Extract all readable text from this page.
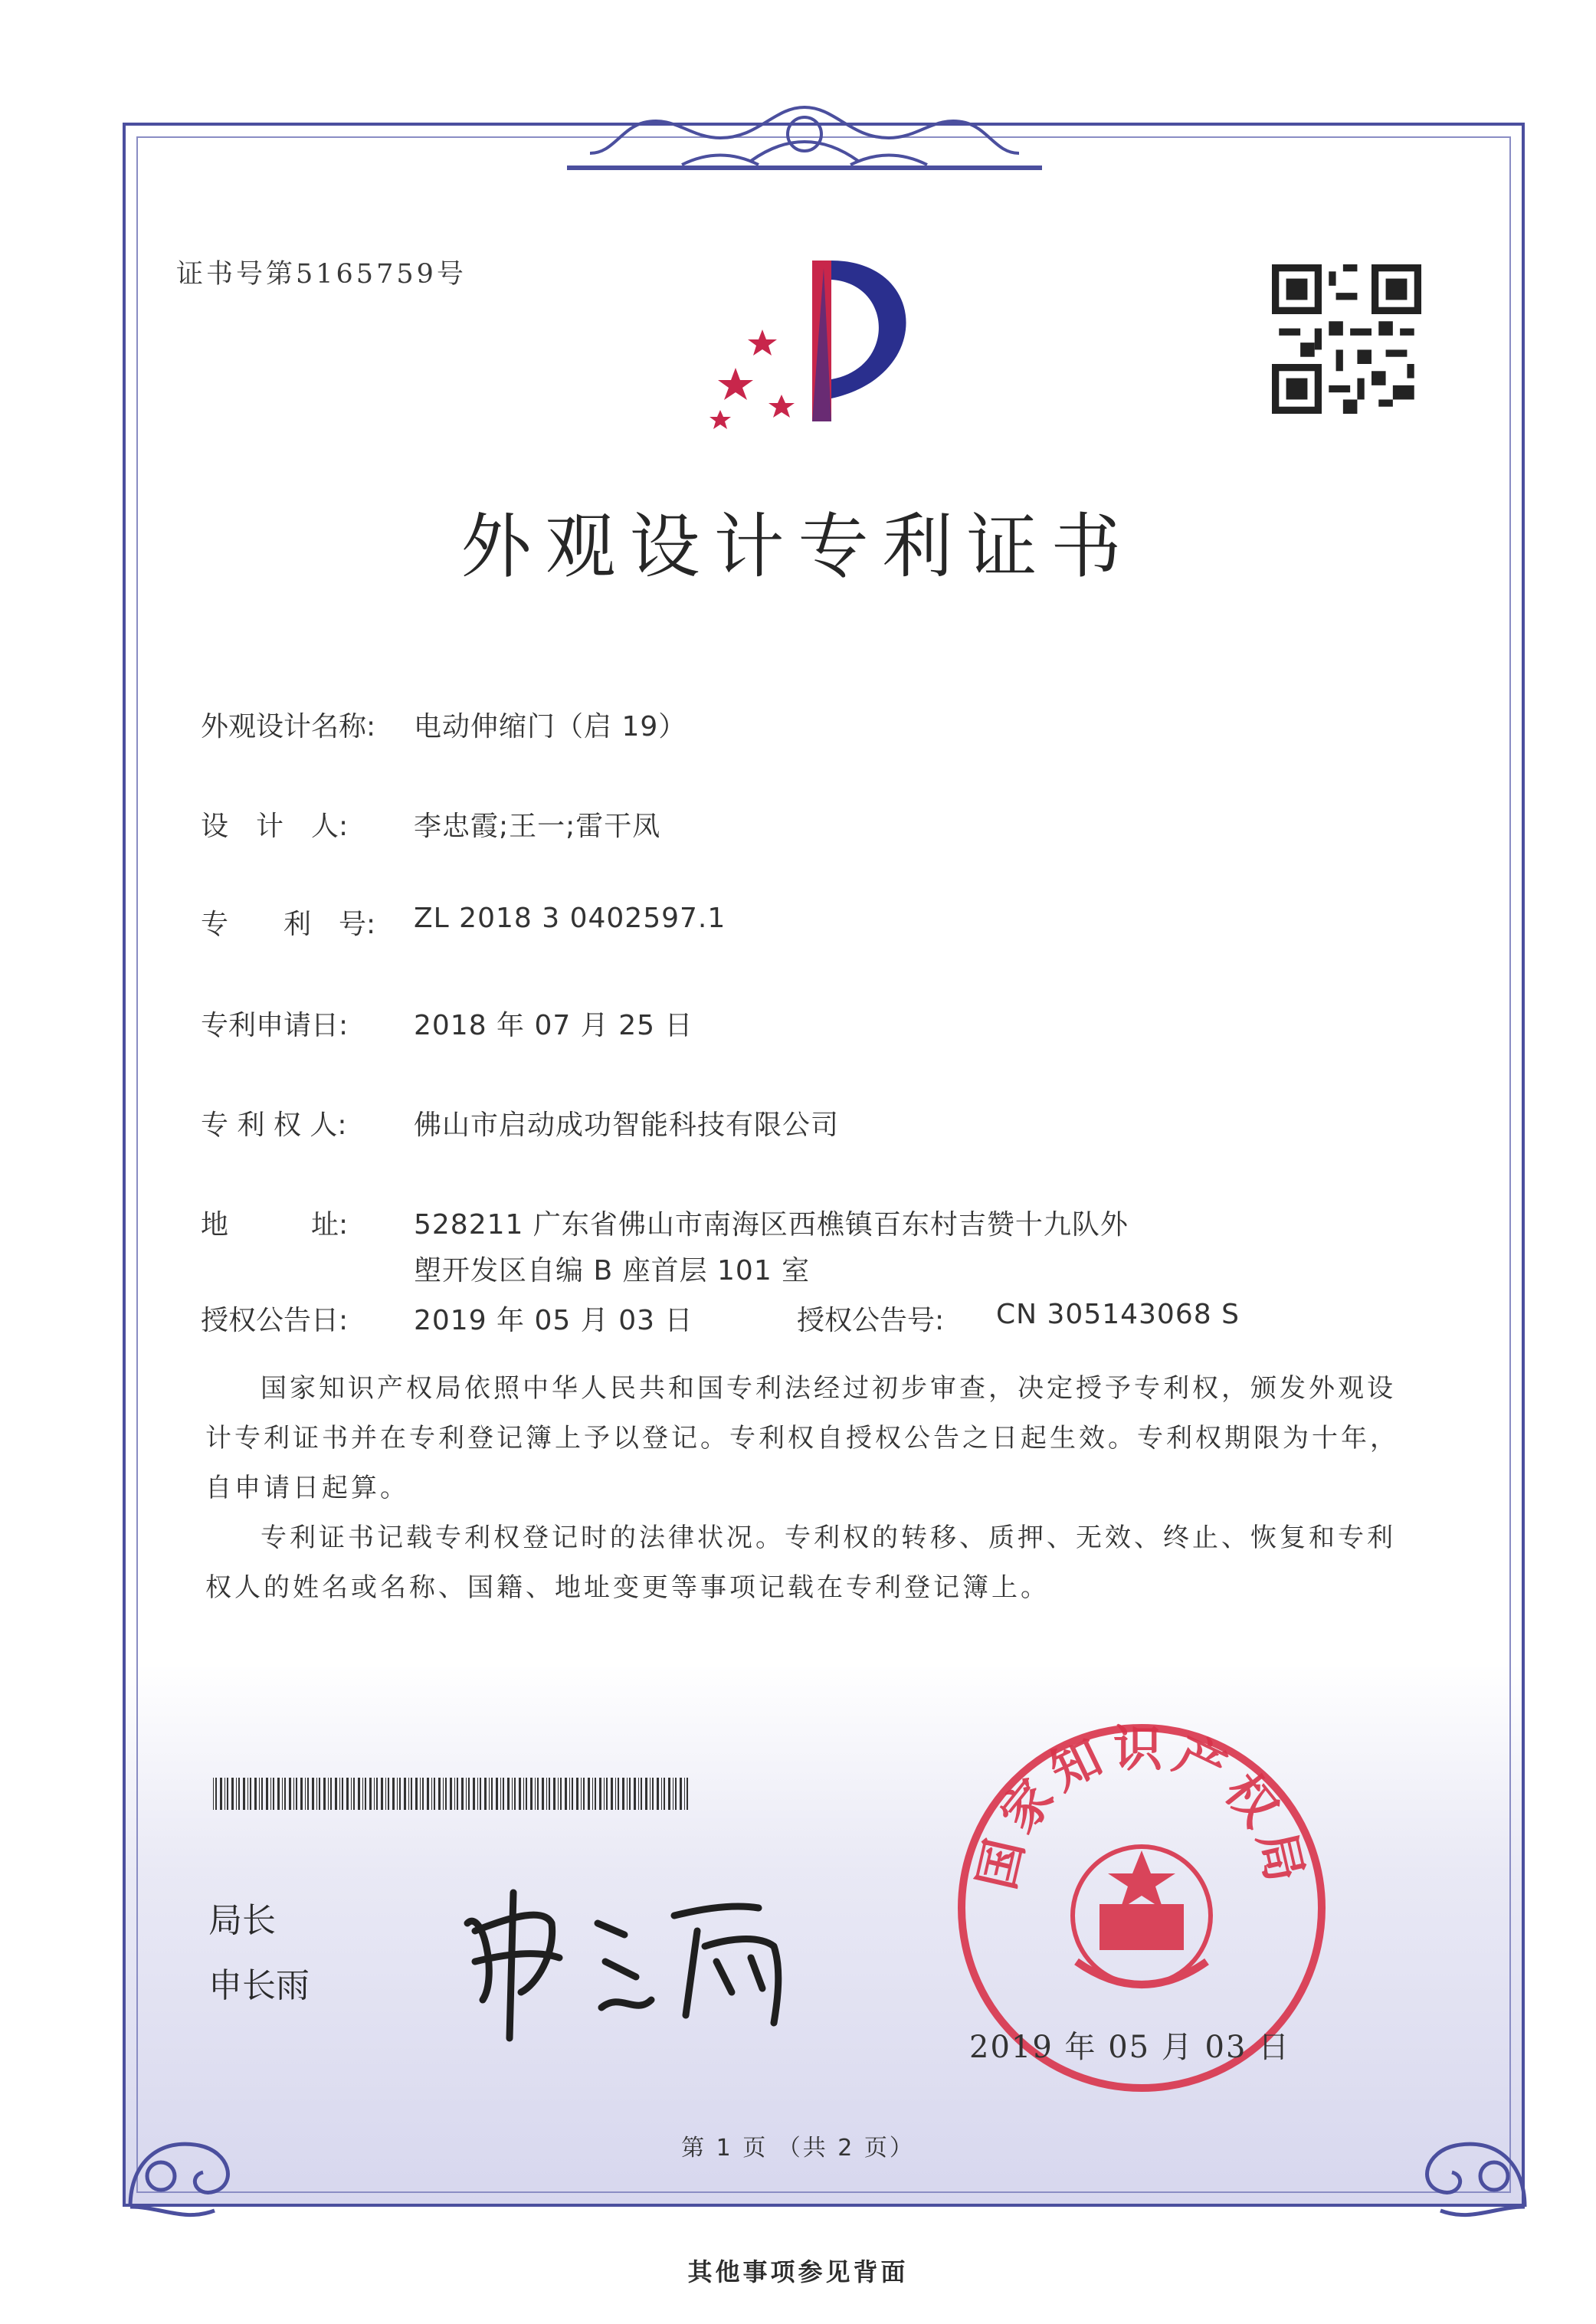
证书号第5165759号
外观设计专利证书
外观设计名称: 电动伸缩门（启 19）
设　计　人: 李忠霞;王一;雷干凤
专　　利　号: ZL 2018 3 0402597.1
专利申请日: 2018 年 07 月 25 日
专 利 权 人: 佛山市启动成功智能科技有限公司
地　　　址: 528211 广东省佛山市南海区西樵镇百东村吉赞十九队外
塱开发区自编 B 座首层 101 室
授权公告日: 2019 年 05 月 03 日	授权公告号: CN 305143068 S

国家知识产权局依照中华人民共和国专利法经过初步审查，决定授予专利权，颁发外观设计专利证书并在专利登记簿上予以登记。专利权自授权公告之日起生效。专利权期限为十年，自申请日起算。

专利证书记载专利权登记时的法律状况。专利权的转移、质押、无效、终止、恢复和专利权人的姓名或名称、国籍、地址变更等事项记载在专利登记簿上。

局长
申长雨
国家知识产权局
2019 年 05 月 03 日
第 1 页 （共 2 页）
其他事项参见背面
